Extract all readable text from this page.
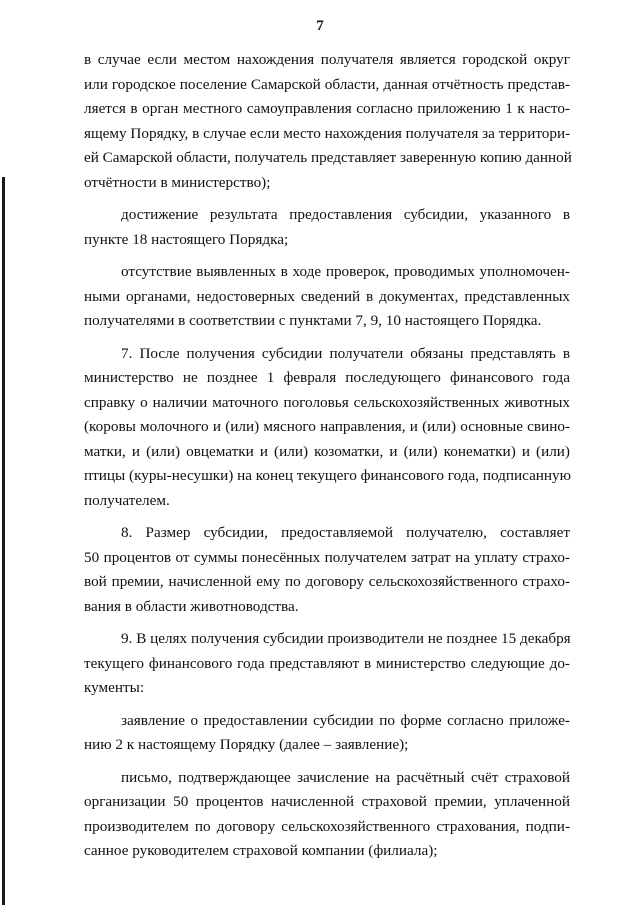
7

в случае если местом нахождения получателя является городской округ
или городское поселение Самарской области, данная отчётность представ-
ляется в орган местного самоуправления согласно приложению 1 к насто-
ящему Порядку, в случае если место нахождения получателя за территори-
ей Самарской области, получатель представляет заверенную копию данной
отчётности в министерство);

достижение результата предоставления субсидии, указанного в
пункте 18 настоящего Порядка;

отсутствие выявленных в ходе проверок, проводимых уполномочен-
ными органами, недостоверных сведений в документах, представленных
получателями в соответствии с пунктами 7, 9, 10 настоящего Порядка.

7. После получения субсидии получатели обязаны представлять в
министерство не позднее 1 февраля последующего финансового года
справку о наличии маточного поголовья сельскохозяйственных животных
(коровы молочного и (или) мясного направления, и (или) основные свино-
матки, и (или) овцематки и (или) козоматки, и (или) конематки) и (или)
птицы (куры-несушки) на конец текущего финансового года, подписанную
получателем.

8. Размер субсидии, предоставляемой получателю, составляет
50 процентов от суммы понесённых получателем затрат на уплату страхо-
вой премии, начисленной ему по договору сельскохозяйственного страхо-
вания в области животноводства.

9. В целях получения субсидии производители не позднее 15 декабря
текущего финансового года представляют в министерство следующие до-
кументы:

заявление о предоставлении субсидии по форме согласно приложе-
нию 2 к настоящему Порядку (далее – заявление);

письмо, подтверждающее зачисление на расчётный счёт страховой
организации 50 процентов начисленной страховой премии, уплаченной
производителем по договору сельскохозяйственного страхования, подпи-
санное руководителем страховой компании (филиала);
